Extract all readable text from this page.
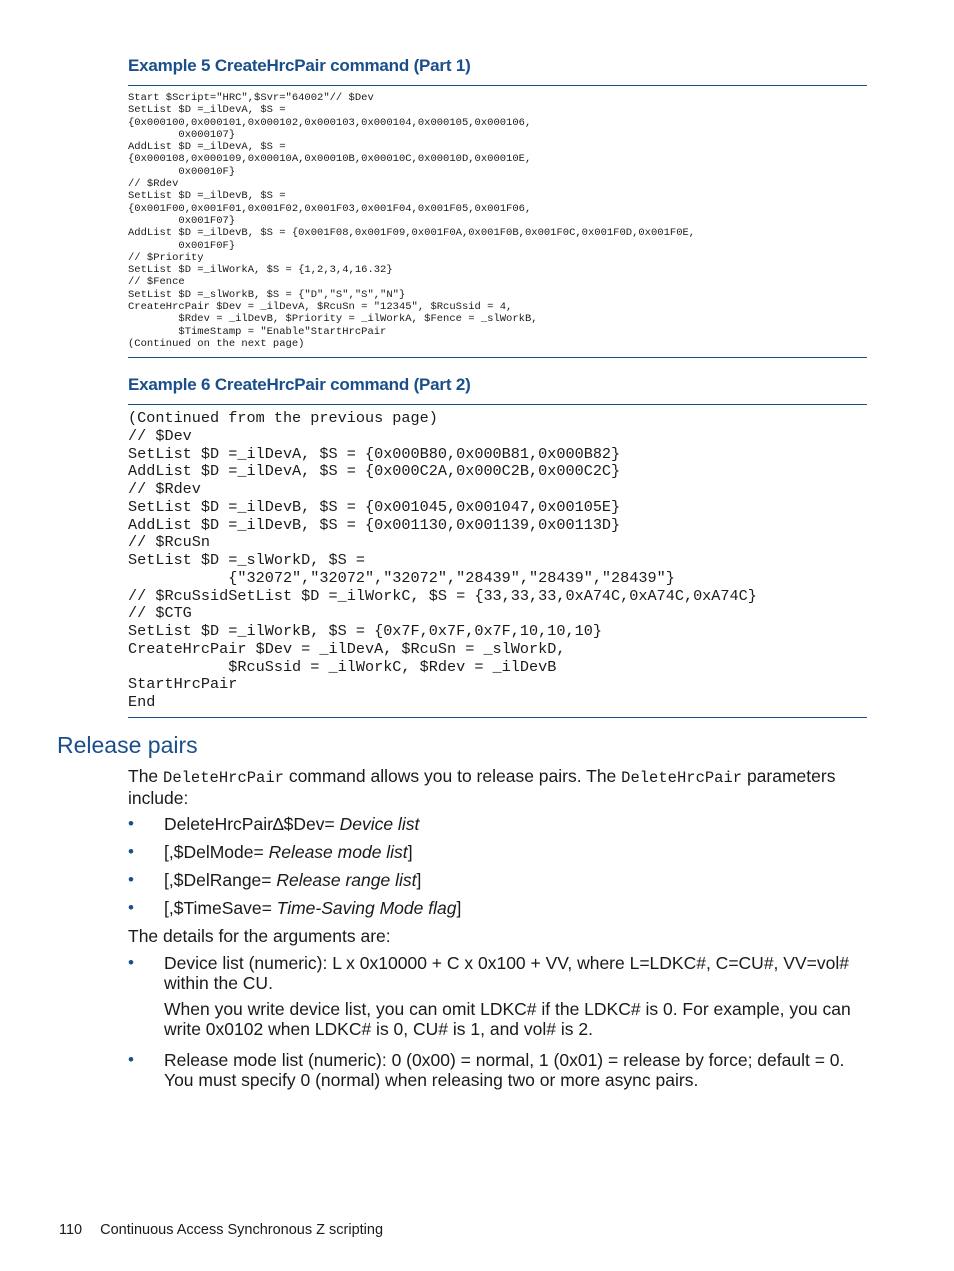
Example 5 CreateHrcPair command (Part 1)
Start $Script="HRC",$Svr="64002"// $Dev
SetList $D =_ilDevA, $S =
{0x000100,0x000101,0x000102,0x000103,0x000104,0x000105,0x000106,
0x000107}
AddList $D =_ilDevA, $S =
{0x000108,0x000109,0x00010A,0x00010B,0x00010C,0x00010D,0x00010E,
0x00010F}
// $Rdev
SetList $D =_ilDevB, $S =
{0x001F00,0x001F01,0x001F02,0x001F03,0x001F04,0x001F05,0x001F06,
0x001F07}
AddList $D =_ilDevB, $S = {0x001F08,0x001F09,0x001F0A,0x001F0B,0x001F0C,0x001F0D,0x001F0E,
0x001F0F}
// $Priority
SetList $D =_ilWorkA, $S = {1,2,3,4,16.32}
// $Fence
SetList $D =_slWorkB, $S = {"D","S","S","N"}
CreateHrcPair $Dev = _ilDevA, $RcuSn = "12345", $RcuSsid = 4,
$Rdev = _ilDevB, $Priority = _ilWorkA, $Fence = _slWorkB,
$TimeStamp = "Enable"StartHrcPair
(Continued on the next page)
Example 6 CreateHrcPair command (Part 2)
(Continued from the previous page)
// $Dev
SetList $D =_ilDevA, $S = {0x000B80,0x000B81,0x000B82}
AddList $D =_ilDevA, $S = {0x000C2A,0x000C2B,0x000C2C}
// $Rdev
SetList $D =_ilDevB, $S = {0x001045,0x001047,0x00105E}
AddList $D =_ilDevB, $S = {0x001130,0x001139,0x00113D}
// $RcuSn
SetList $D =_slWorkD, $S =
{"32072","32072","32072","28439","28439","28439"}
// $RcuSsidSetList $D =_ilWorkC, $S = {33,33,33,0xA74C,0xA74C,0xA74C}
// $CTG
SetList $D =_ilWorkB, $S = {0x7F,0x7F,0x7F,10,10,10}
CreateHrcPair $Dev = _ilDevA, $RcuSn = _slWorkD,
$RcuSsid = _ilWorkC, $Rdev = _ilDevB
StartHrcPair
End
Release pairs
The DeleteHrcPair command allows you to release pairs. The DeleteHrcPair parameters include:
• DeleteHrcPair∆$Dev= Device list
• [,$DelMode= Release mode list]
• [,$DelRange= Release range list]
• [,$TimeSave= Time-Saving Mode flag]
The details for the arguments are:
• Device list (numeric): L x 0x10000 + C x 0x100 + VV, where L=LDKC#, C=CU#, VV=vol# within the CU.
When you write device list, you can omit LDKC# if the LDKC# is 0. For example, you can write 0x0102 when LDKC# is 0, CU# is 1, and vol# is 2.
• Release mode list (numeric): 0 (0x00) = normal, 1 (0x01) = release by force; default = 0. You must specify 0 (normal) when releasing two or more async pairs.
110 Continuous Access Synchronous Z scripting
